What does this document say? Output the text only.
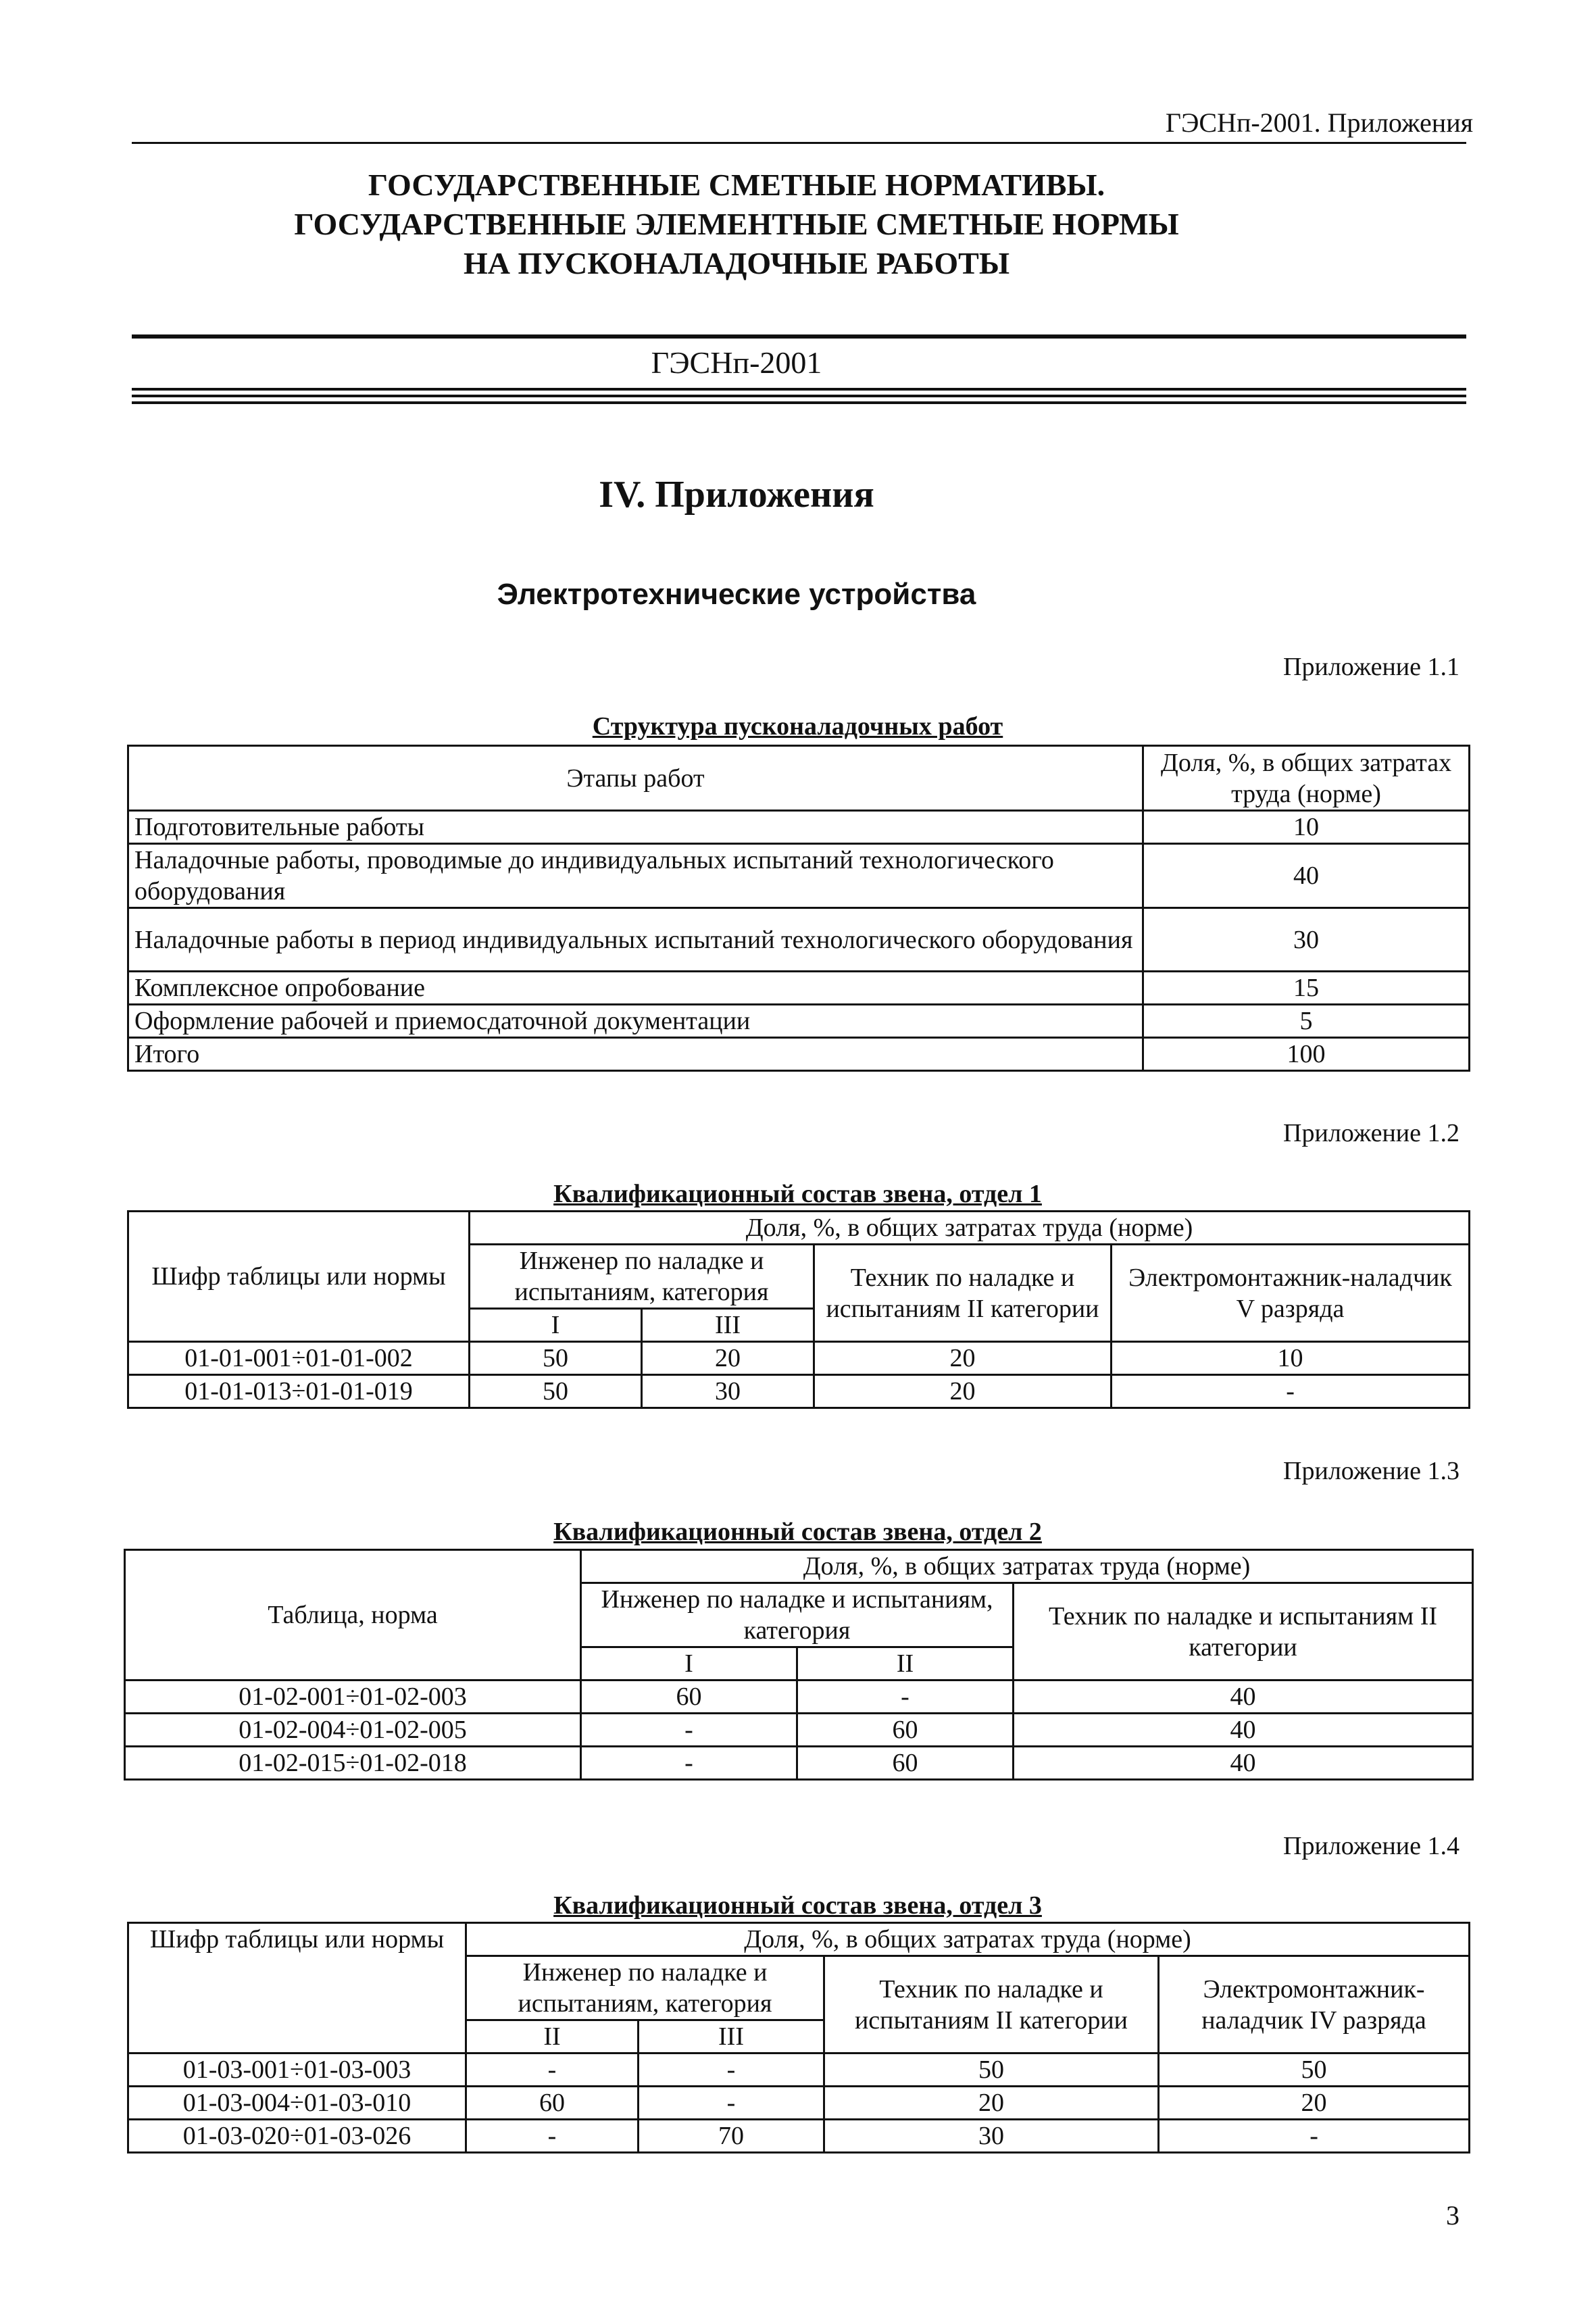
ГЭСНп-2001. Приложения
ГОСУДАРСТВЕННЫЕ СМЕТНЫЕ НОРМАТИВЫ.
ГОСУДАРСТВЕННЫЕ ЭЛЕМЕНТНЫЕ СМЕТНЫЕ НОРМЫ
НА ПУСКОНАЛАДОЧНЫЕ РАБОТЫ
ГЭСНп-2001
IV. Приложения
Электротехнические устройства
Приложение 1.1
Структура пусконаладочных работ
Этапы работ	Доля, %, в общих затратах труда (норме)
Подготовительные работы	10
Наладочные работы, проводимые до индивидуальных испытаний технологического оборудования	40
Наладочные работы в период индивидуальных испытаний технологического оборудования	30
Комплексное опробование	15
Оформление рабочей и приемосдаточной документации	5
Итого	100
Приложение 1.2
Квалификационный состав звена, отдел 1
Шифр таблицы или нормы	Доля, %, в общих затратах труда (норме)			
	Инженер по наладке и испытаниям, категория		Техник по наладке и испытаниям II категории	Электромонтажник-наладчик V разряда
	I	III		
01-01-001÷01-01-002	50	20	20	10
01-01-013÷01-01-019	50	30	20	-
Приложение 1.3
Квалификационный состав звена, отдел 2
Таблица, норма	Доля, %, в общих затратах труда (норме)		
	Инженер по наладке и испытаниям, категория		Техник по наладке и испытаниям II категории
	I	II	
01-02-001÷01-02-003	60	-	40
01-02-004÷01-02-005	-	60	40
01-02-015÷01-02-018	-	60	40
Приложение 1.4
Квалификационный состав звена, отдел 3
Шифр таблицы или нормы	Доля, %, в общих затратах труда (норме)			
	Инженер по наладке и испытаниям, категория		Техник по наладке и испытаниям II категории	Электромонтажник-наладчик IV разряда
	II	III		
01-03-001÷01-03-003	-	-	50	50
01-03-004÷01-03-010	60	-	20	20
01-03-020÷01-03-026	-	70	30	-
3
